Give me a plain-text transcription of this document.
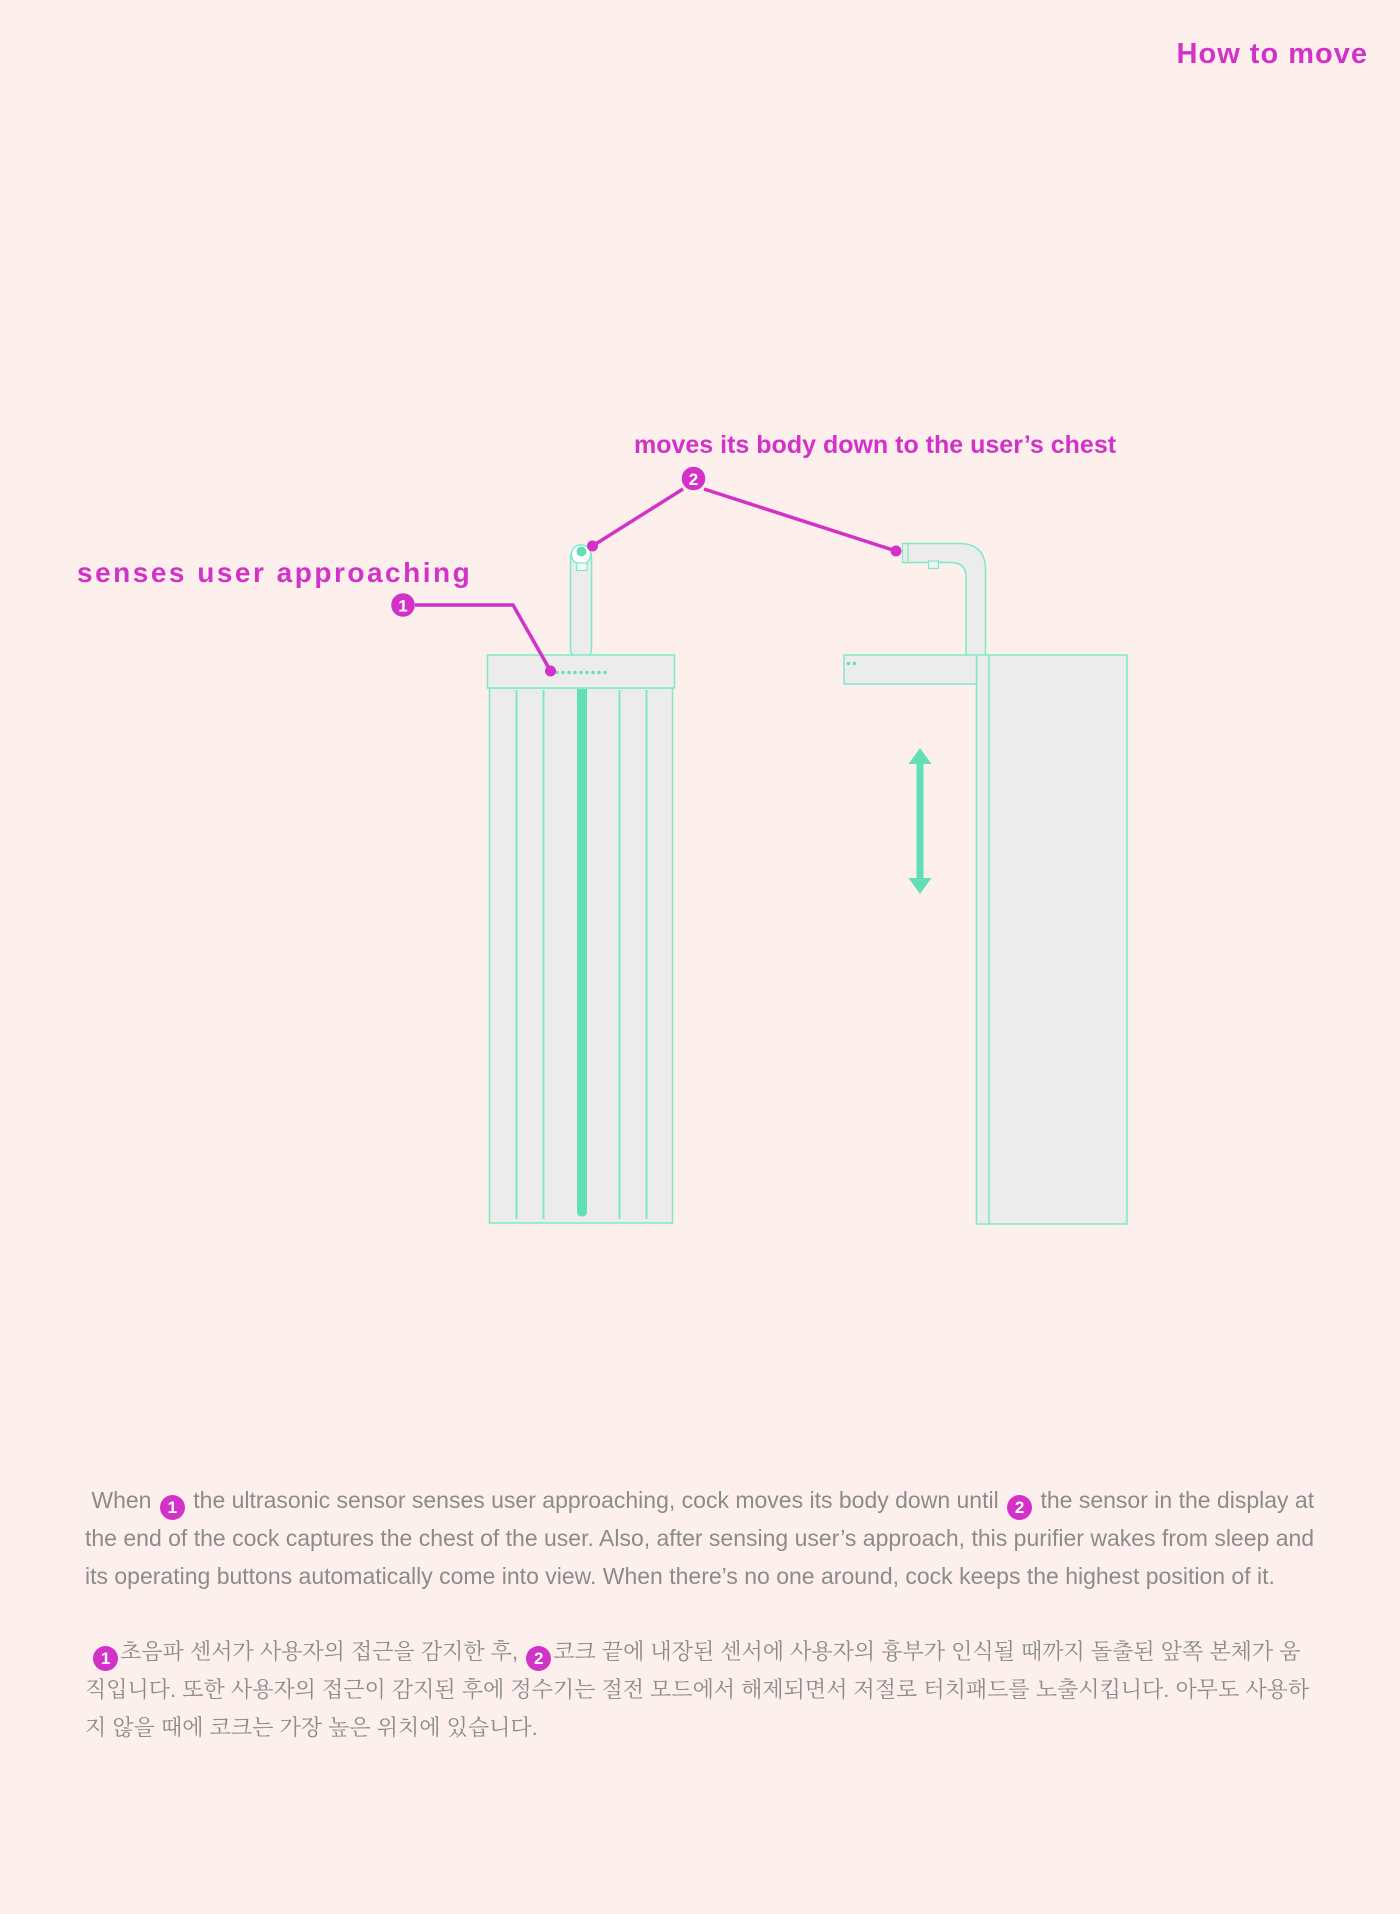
How to move
moves its body down to the user’s chest
senses user approaching
1
2

When 1 the ultrasonic sensor senses user approaching, cock moves its body down until 2 the sensor in the display at the end of the cock captures the chest of the user. Also, after sensing user’s approach, this purifier wakes from sleep and its operating buttons automatically come into view. When there’s no one around, cock keeps the highest position of it.

1 초음파 센서가 사용자의 접근을 감지한 후, 2 코크 끝에 내장된 센서에 사용자의 흉부가 인식될 때까지 돌출된 앞쪽 본체가 움직입니다. 또한 사용자의 접근이 감지된 후에 정수기는 절전 모드에서 해제되면서 저절로 터치패드를 노출시킵니다. 아무도 사용하지 않을 때에 코크는 가장 높은 위치에 있습니다.
